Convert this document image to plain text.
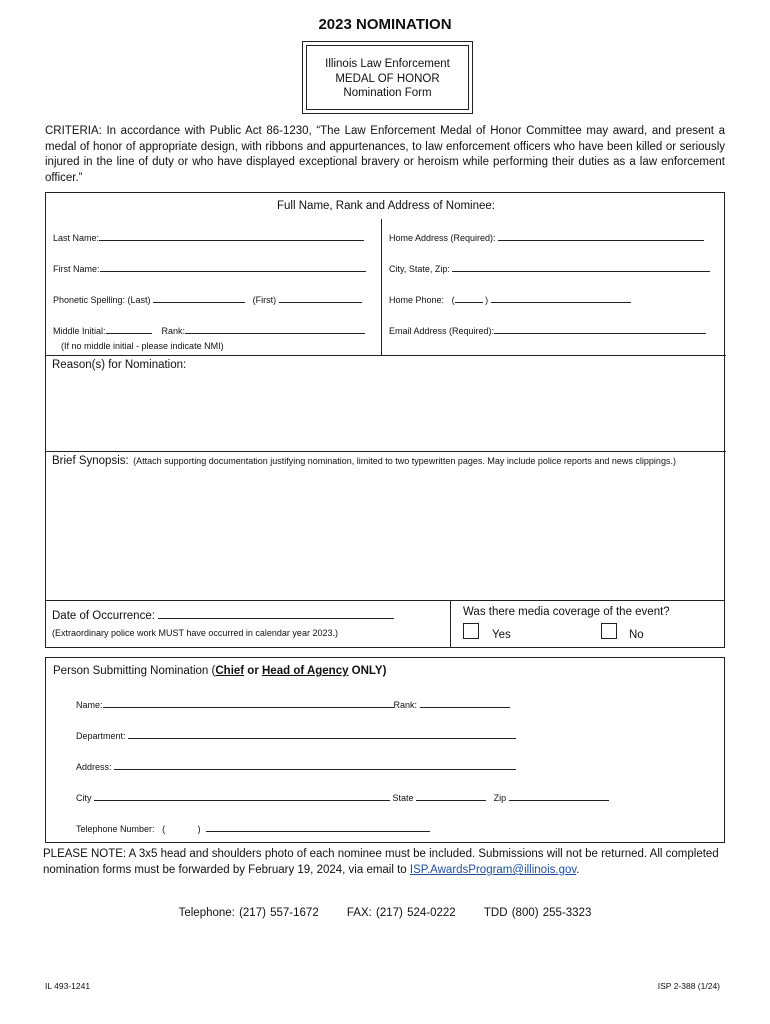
2023 NOMINATION
Illinois Law Enforcement
MEDAL OF HONOR
Nomination Form
CRITERIA: In accordance with Public Act 86-1230, “The Law Enforcement Medal of Honor Committee may award, and present a medal of honor of appropriate design, with ribbons and appurtenances, to law enforcement officers who have been killed or seriously injured in the line of duty or who have displayed exceptional bravery or heroism while performing their duties as a law enforcement officer.”
Full Name, Rank and Address of Nominee:
Last Name:
First Name:
Phonetic Spelling: (Last)	(First)
Middle Initial:	Rank:
(If no middle initial - please indicate NMI)
Home Address (Required):
City, State, Zip:
Home Phone: (	)
Email Address (Required):
Reason(s) for Nomination:
Brief Synopsis: (Attach supporting documentation justifying nomination, limited to two typewritten pages. May include police reports and news clippings.)
Date of Occurrence:
(Extraordinary police work MUST have occurred in calendar year 2023.)
Was there media coverage of the event?
Yes	No
Person Submitting Nomination (Chief or Head of Agency ONLY)
Name:	Rank:
Department:
Address:
City	State	Zip
Telephone Number: (	)
PLEASE NOTE: A 3x5 head and shoulders photo of each nominee must be included. Submissions will not be returned. All completed nomination forms must be forwarded by February 19, 2024, via email to ISP.AwardsProgram@illinois.gov.
Telephone: (217) 557-1672 FAX: (217) 524-0222 TDD (800) 255-3323
IL 493-1241	ISP 2-388 (1/24)
